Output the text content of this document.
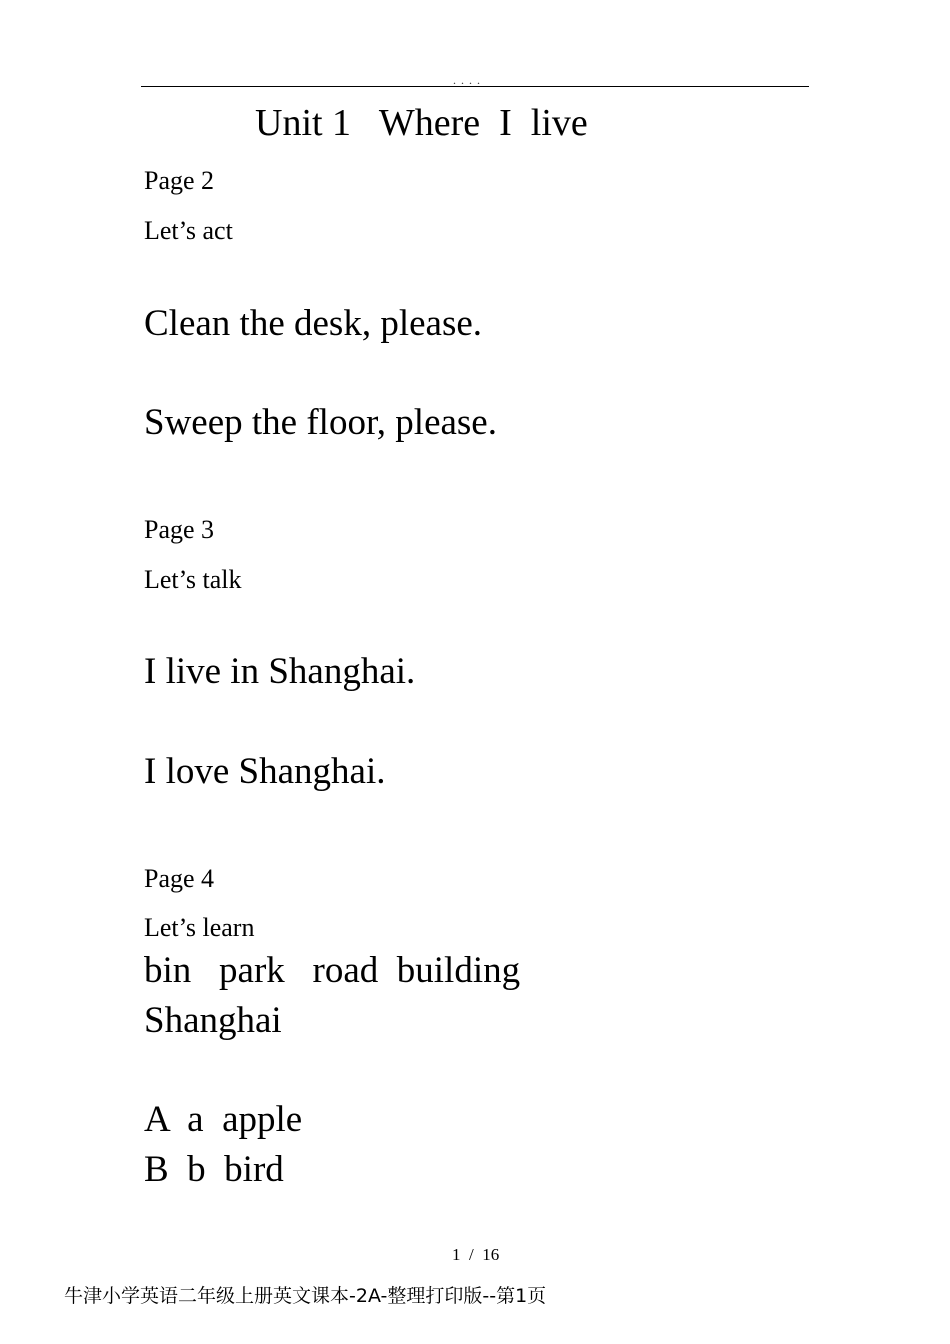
. . . .
Unit 1   Where  I  live
Page 2
Let’s act
Clean the desk, please.
Sweep the floor, please.
Page 3
Let’s talk
I live in Shanghai.
I love Shanghai.
Page 4
Let’s learn
bin   park   road  building
Shanghai
A  a  apple
B  b  bird
1  /  16
牛津小学英语二年级上册英文课本-2A-整理打印版--第1页
